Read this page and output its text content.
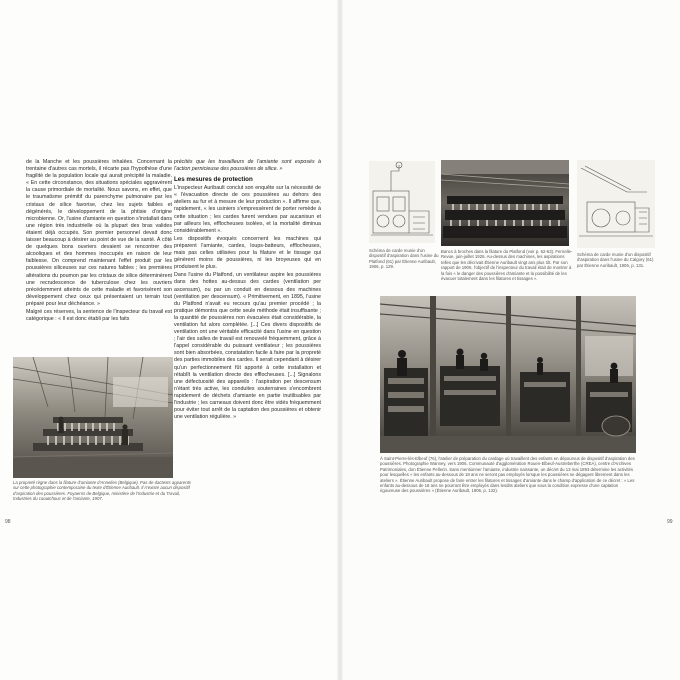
de la Manche et les poussières inhalées. Concernant la trentaine d'autres cas mortels, il récarte pas l'hypothèse d'une fragilité de la population locale qui aurait précipité la maladie. « En cette circonstance, des situations spéciales aggravèrent la cause primordiale de mortalité. Nous savons, en effet, que le traumatisme prémitif du parenchyme pulmonaire par les cristaux de silice favorise, chez les sujets faibles et dégénérés, le développement de la phtisie d'origine microbienne. Or, l'usine d'amiante en question s'installait dans une région très industrielle où la plupart des bras valides étaient déjà occupés. Son premier personnel devait donc laisser beaucoup à désirer au point de vue de la santé. À côté de quelques bons ouvriers devaient se rencontrer des alcooliques et des hommes inoccupés en raison de leur faiblesse. On comprend maintenant l'effet produit par les poussières siliceuses sur ces natures faibles ; les premières altérations du poumon par les cristaux de silice déterminèrent une recrudescence de tuberculose chez les ouvriers précédemment atteints de cette maladie et favorisèrent son développement chez ceux qui présentaient un terrain tout préparé pour leur déchéance. »

Malgré ces réserves, la sentence de l'inspecteur du travail est catégorique : « Il est donc établi par les faits

La propreté règne dans la filature d'amiante d'Annelies (Belgique). Pas de dactests apparents sur cette photographie contemporaine du texte d'Étienne Auribault. Il n'existe aucun dispositif d'aspiration des poussières. Foyaerns de Belgique, ministère de l'Industrie et du Travail, Industries du caoutchouc et de l'amiante, 1907.

précités que les travailleurs de l'amiante sont exposés à l'action pernicieuse des poussières de silice. »

Les mesures de protection

L'inspecteur Auribault conclut son enquête sur la nécessité de « l'évacuation directe de ces poussières au dehors des ateliers au fur et à mesure de leur production ». Il affirme que, rapidement, « les usiniers s'empressèrent de porter remède à cette situation ; les cardes furent vendues par aucanisun et par ailleurs les, efflocheuses isolées, et la mortalité diminua considérablement ».

Les dispositifs évoqués concernent les machines qui préparent l'amiante, cardes, loups-batteurs, efflocheuses, mais pas celles utilisées pour la filature et le tissage qui génèrent moins de poussières, ni les broyeuses qui en produisent le plus.

Dans l'usine du Platfond, un ventilateur aspire les poussières dans des hottes au-dessus des cardes (ventilation per ascensum), ou par un conduit en dessous des machines (ventilation per descensum). « Primitivement, en 1895, l'usine du Platfond n'avait eu recours qu'au premier procédé ; la pratique démontra que cette seule méthode était insuffisante ; la quantité de poussières non évacuées était considérable, la ventilation fut alors complétée. [...] Ces divers dispositifs de ventilation ont une véritable efficacité dans l'usine en question ; l'air des salles de travail est renouvelé fréquemment, grâce à l'appel considérable du puissant ventilateur ; les poussières sont bien absorbées, constatation facile à faire par la propreté des parties immobiles des cardes. Il serait cependant à désirer qu'un perfectionnement fût apporté à cette installation et rétablît la ventilation directe des efflocheuses. [...] Signalons une défectuosité des appareils : l'aspiration per descensum n'étant très active, les conduites souterraines s'encombrent rapidement de déchets d'amiante en partie inutilisables par l'industrie ; les carneaux doivent donc être vidés fréquemment pour éviter tout arrêt de la captation des poussières et obtenir une ventilation régulière. »

98
Schéma de carde munie d'un dispositif d'aspiration dans l'usine du Platfond (61) par Étienne Auribault, 1906, p. 129.
Bancs à broches dans la filature du Platfond (voir p. 62-63). Fernelle-Revue, juin-juillet 1926. Au-dessus des machines, les aspirations telles que les décrivait Étienne Auribault vingt ans plus tôt. Par son rapport de 1906, l'objectif de l'inspecteur du travail était de montrer à la fois « le danger des poussières d'amiante et la possibilité de les évacuer totalement dans les filatures et tissages ».
Schéma de carde munie d'un dispositif d'aspiration dans l'usine du Calgory (61) par Étienne Auribault, 1906, p. 131.
À Saint-Pierre-lès-Elbeuf (76), l'atelier de préparation du cardage où travaillent des enfants en dépourvus de dispositif d'aspiration des poussières. Photographie Wanney, vers 1906. Communauté d'agglomération Rouen-Elbeuf-Austreberthe (CREA), centre d'Archives Patrimoniales, don Étienne Pellerin. Sans mentionner l'amiante, industrie naissante, un décret du 13 mai 1893 détermine les activités pour lesquelles « les enfants au-dessous de 18 ans ne seront pas employés lorsque les poussières se dégagent librement dans les ateliers ». Étienne Auribault propose de faire entrer les filatures et tissages d'amiante dans le champ d'application de ce décret : « Les enfants au-dessous de 18 ans ne pourront être employés dans lesdits ateliers que sous la condition expresse d'une captation rigoureuse des poussières » (Étienne Auribault, 1906, p. 132).
99
